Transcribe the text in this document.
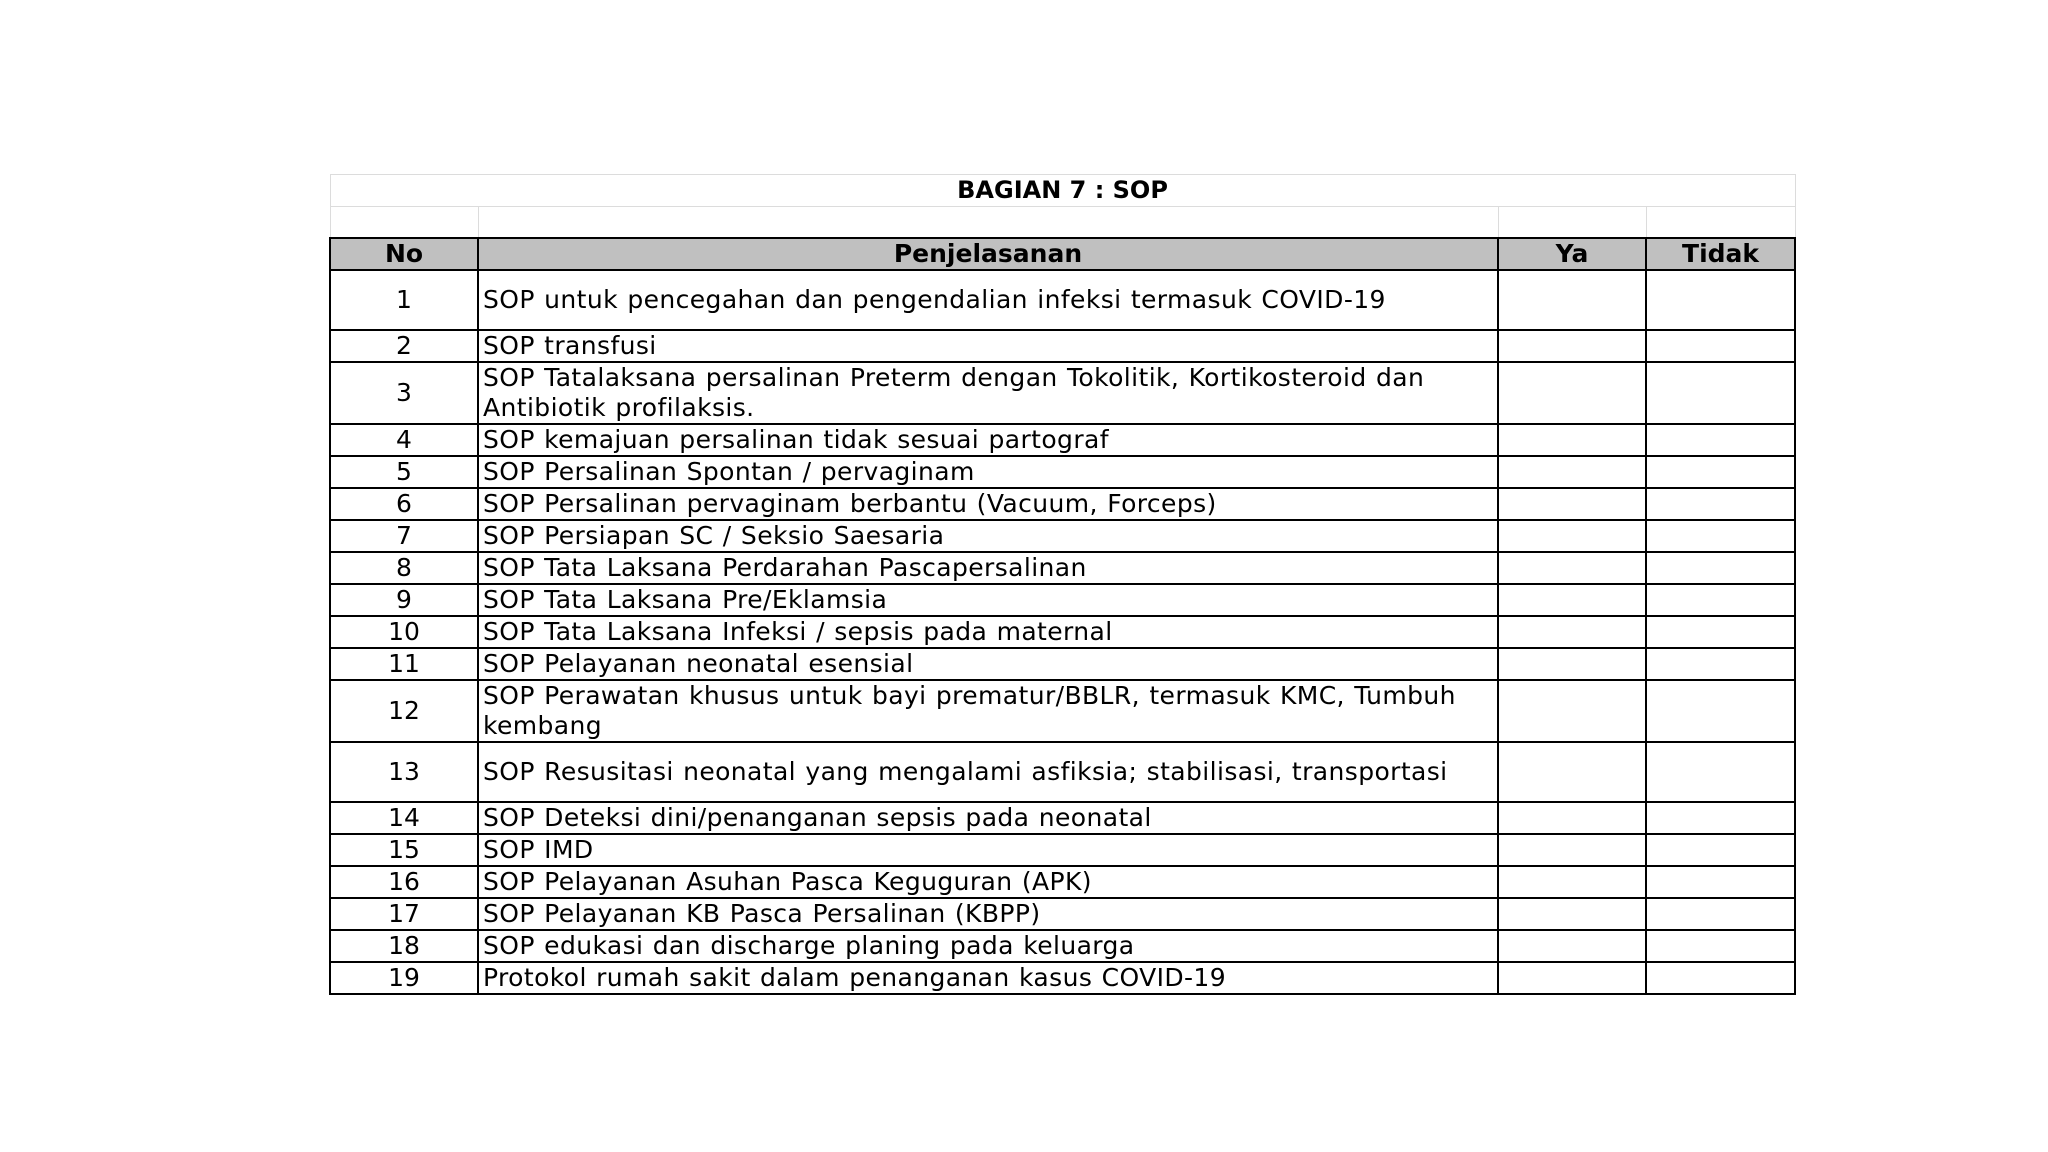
BAGIAN 7 : SOP			

No	Penjelasanan	Ya	Tidak
1	SOP untuk pencegahan dan pengendalian infeksi termasuk COVID-19		
2	SOP transfusi		
3	SOP Tatalaksana persalinan Preterm dengan Tokolitik, Kortikosteroid dan Antibiotik profilaksis.		
4	SOP kemajuan persalinan tidak sesuai partograf		
5	SOP Persalinan Spontan / pervaginam		
6	SOP Persalinan pervaginam berbantu (Vacuum, Forceps)		
7	SOP Persiapan SC / Seksio Saesaria		
8	SOP Tata Laksana Perdarahan Pascapersalinan		
9	SOP Tata Laksana Pre/Eklamsia		
10	SOP Tata Laksana Infeksi / sepsis pada maternal		
11	SOP Pelayanan neonatal esensial		
12	SOP Perawatan khusus untuk bayi prematur/BBLR, termasuk KMC, Tumbuh kembang		
13	SOP Resusitasi neonatal yang mengalami asfiksia; stabilisasi, transportasi		
14	SOP Deteksi dini/penanganan sepsis pada neonatal		
15	SOP IMD		
16	SOP Pelayanan Asuhan Pasca Keguguran (APK)		
17	SOP Pelayanan KB Pasca Persalinan (KBPP)		
18	SOP edukasi dan discharge planing pada keluarga		
19	Protokol rumah sakit dalam penanganan kasus COVID-19		
